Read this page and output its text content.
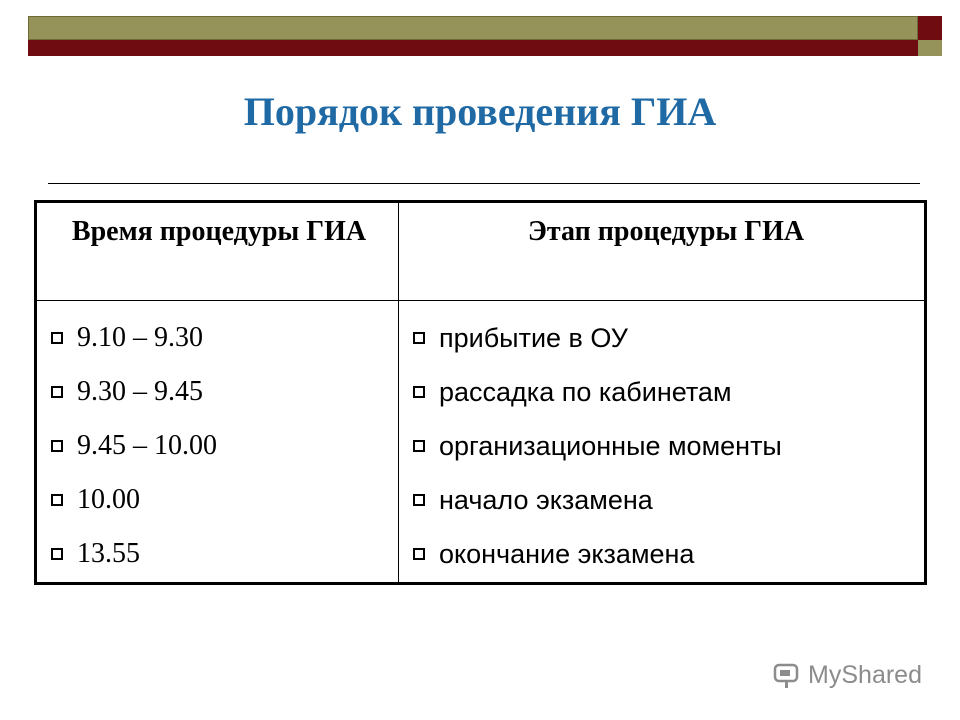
Порядок проведения ГИА
Время процедуры ГИА	Этап процедуры ГИА
9.10 – 9.30
9.30 – 9.45
9.45 – 10.00
10.00
13.55
прибытие в ОУ
рассадка по кабинетам
организационные моменты
начало экзамена
окончание экзамена
MyShared
